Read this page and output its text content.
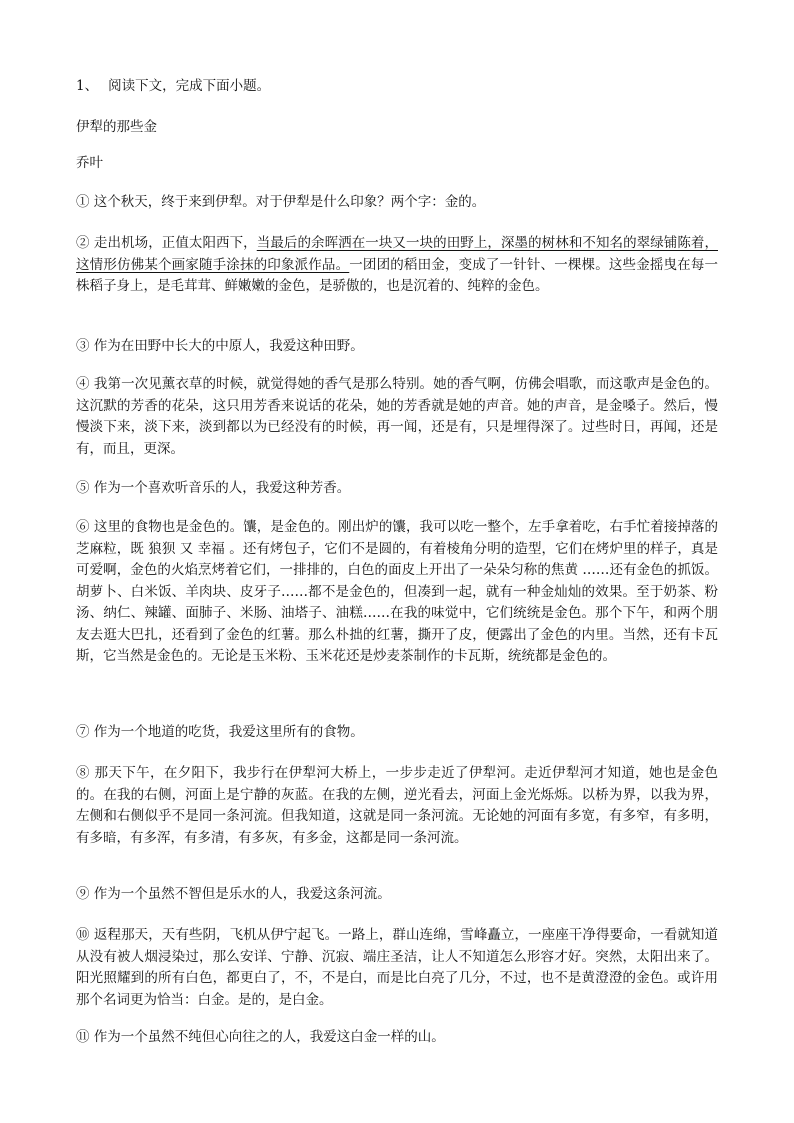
1、 阅读下文，完成下面小题。

伊犁的那些金

乔叶

① 这个秋天，终于来到伊犁。对于伊犁是什么印象？两个字：金的。

② 走出机场，正值太阳西下，当最后的余晖洒在一块又一块的田野上，深墨的树林和不知名的翠绿铺陈着，这情形仿佛某个画家随手涂抹的印象派作品。一团团的稻田金，变成了一针针、一棵棵。这些金摇曳在每一株稻子身上，是毛茸茸、鲜嫩嫩的金色，是骄傲的，也是沉着的、纯粹的金色。

③ 作为在田野中长大的中原人，我爱这种田野。

④ 我第一次见薰衣草的时候，就觉得她的香气是那么特别。她的香气啊，仿佛会唱歌，而这歌声是金色的。这沉默的芳香的花朵，这只用芳香来说话的花朵，她的芳香就是她的声音。她的声音，是金嗓子。然后，慢慢淡下来，淡下来，淡到都以为已经没有的时候，再一闻，还是有，只是埋得深了。过些时日，再闻，还是有，而且，更深。

⑤ 作为一个喜欢听音乐的人，我爱这种芳香。

⑥ 这里的食物也是金色的。馕，是金色的。刚出炉的馕，我可以吃一整个，左手拿着吃，右手忙着接掉落的芝麻粒，既 狼狈 又 幸福 。还有烤包子，它们不是圆的，有着棱角分明的造型，它们在烤炉里的样子，真是可爱啊，金色的火焰烹烤着它们，一排排的，白色的面皮上开出了一朵朵匀称的焦黄 ……还有金色的抓饭。胡萝卜、白米饭、羊肉块、皮牙子……都不是金色的，但凑到一起，就有一种金灿灿的效果。至于奶茶、粉汤、纳仁、辣罐、面肺子、米肠、油塔子、油糕……在我的味觉中，它们统统是金色。那个下午，和两个朋友去逛大巴扎，还看到了金色的红薯。那么朴拙的红薯，撕开了皮，便露出了金色的内里。当然，还有卡瓦斯，它当然是金色的。无论是玉米粉、玉米花还是炒麦茶制作的卡瓦斯，统统都是金色的。

⑦ 作为一个地道的吃货，我爱这里所有的食物。

⑧ 那天下午，在夕阳下，我步行在伊犁河大桥上，一步步走近了伊犁河。走近伊犁河才知道，她也是金色的。在我的右侧，河面上是宁静的灰蓝。在我的左侧，逆光看去，河面上金光烁烁。以桥为界，以我为界，左侧和右侧似乎不是同一条河流。但我知道，这就是同一条河流。无论她的河面有多宽，有多窄，有多明，有多暗，有多浑，有多清，有多灰，有多金，这都是同一条河流。

⑨ 作为一个虽然不智但是乐水的人，我爱这条河流。

⑩ 返程那天，天有些阴，飞机从伊宁起飞。一路上，群山连绵，雪峰矗立，一座座干净得要命，一看就知道从没有被人烟浸染过，那么安详、宁静、沉寂、端庄圣洁，让人不知道怎么形容才好。突然，太阳出来了。阳光照耀到的所有白色，都更白了，不，不是白，而是比白亮了几分，不过，也不是黄澄澄的金色。或许用那个名词更为恰当：白金。是的，是白金。

⑪ 作为一个虽然不纯但心向往之的人，我爱这白金一样的山。
